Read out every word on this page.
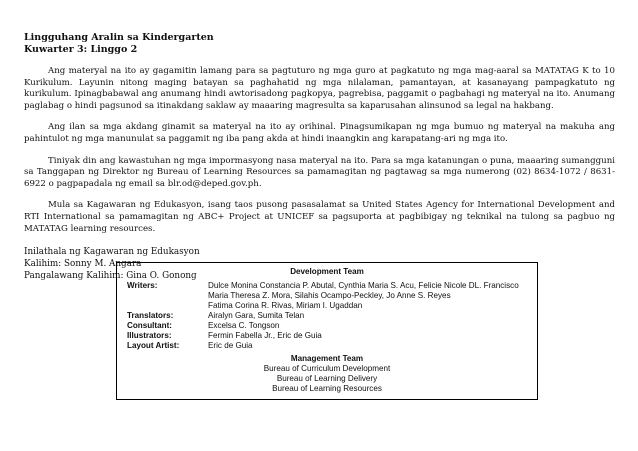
Lingguhang Aralin sa Kindergarten

Kuwarter 3: Linggo 2

Ang materyal na ito ay gagamitin lamang para sa pagtuturo ng mga guro at pagkatuto ng mga mag-aaral sa MATATAG K to 10 Kurikulum. Layunin nitong maging batayan sa paghahatid ng mga nilalaman, pamantayan, at kasanayang pampagkatuto ng kurikulum. Ipinagbabawal ang anumang hindi awtorisadong pagkopya, pagrebisa, paggamit o pagbahagi ng materyal na ito. Anumang paglabag o hindi pagsunod sa itinakdang saklaw ay maaaring magresulta sa kaparusahan alinsunod sa legal na hakbang.

Ang ilan sa mga akdang ginamit sa materyal na ito ay orihinal. Pinagsumikapan ng mga bumuo ng materyal na makuha ang pahintulot ng mga manunulat sa paggamit ng iba pang akda at hindi inaangkin ang karapatang-ari ng mga ito.

Tiniyak din ang kawastuhan ng mga impormasyong nasa materyal na ito. Para sa mga katanungan o puna, maaaring sumangguni sa Tanggapan ng Direktor ng Bureau of Learning Resources sa pamamagitan ng pagtawag sa mga numerong (02) 8634-1072 / 8631-6922 o pagpapadala ng email sa blr.od@deped.gov.ph.

Mula sa Kagawaran ng Edukasyon, isang taos pusong pasasalamat sa United States Agency for International Development and RTI International sa pamamagitan ng ABC+ Project at UNICEF sa pagsuporta at pagbibigay ng teknikal na tulong sa pagbuo ng MATATAG learning resources.

Inilathala ng Kagawaran ng Edukasyon
Kalihim: Sonny M. Angara
Pangalawang Kalihim: Gina O. Gonong	Development Team
Writers:	Dulce Monina Constancia P. Abutal, Cynthia Maria S. Acu, Felicie Nicole DL. Francisco
Maria Theresa Z. Mora, Silahis Ocampo-Peckley, Jo Anne S. Reyes
Fatima Corina R. Rivas, Miriam I. Ugaddan
Translators:	Airalyn Gara, Sumita Telan
Consultant:	Excelsa C. Tongson
Illustrators:	Fermin Fabella Jr., Eric de Guia
Layout Artist:	Eric de Guia
Management Team
Bureau of Curriculum Development
Bureau of Learning Delivery
Bureau of Learning Resources
